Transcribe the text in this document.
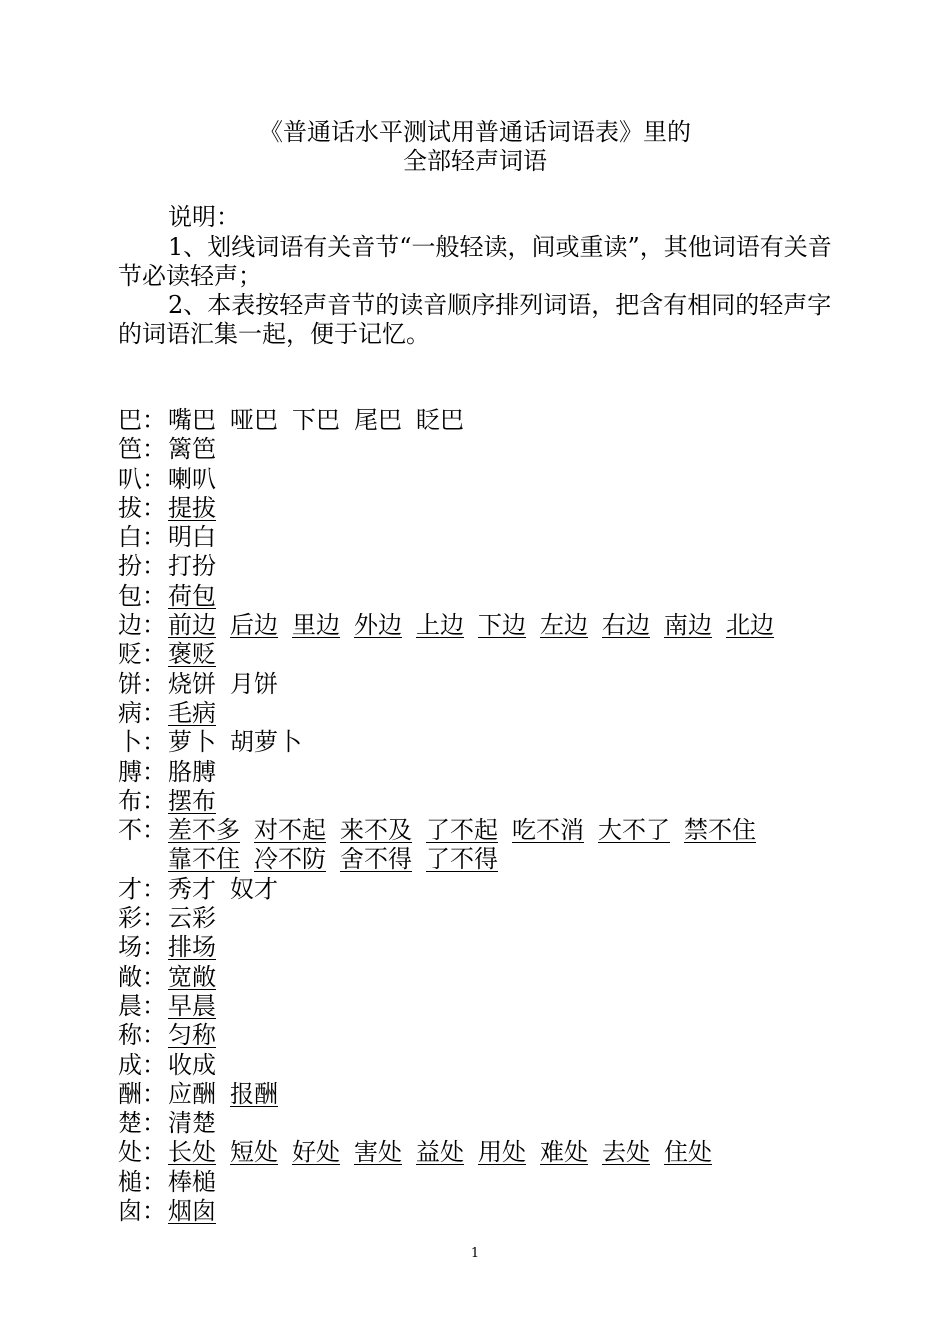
《普通话水平测试用普通话词语表》里的
全部轻声词语
说明：
1、划线词语有关音节“一般轻读，间或重读”，其他词语有关音节必读轻声；
2、本表按轻声音节的读音顺序排列词语，把含有相同的轻声字的词语汇集一起，便于记忆。
巴：嘴巴 哑巴 下巴 尾巴 眨巴
笆：篱笆
叭：喇叭
拔：提拔
白：明白
扮：打扮
包：荷包
边：前边 后边 里边 外边 上边 下边 左边 右边 南边 北边
贬：褒贬
饼：烧饼 月饼
病：毛病
卜：萝卜 胡萝卜
膊：胳膊
布：摆布
不：差不多 对不起 来不及 了不起 吃不消 大不了 禁不住
靠不住 冷不防 舍不得 了不得
才：秀才 奴才
彩：云彩
场：排场
敞：宽敞
晨：早晨
称：匀称
成：收成
酬：应酬 报酬
楚：清楚
处：长处 短处 好处 害处 益处 用处 难处 去处 住处
槌：棒槌
囱：烟囱
1
